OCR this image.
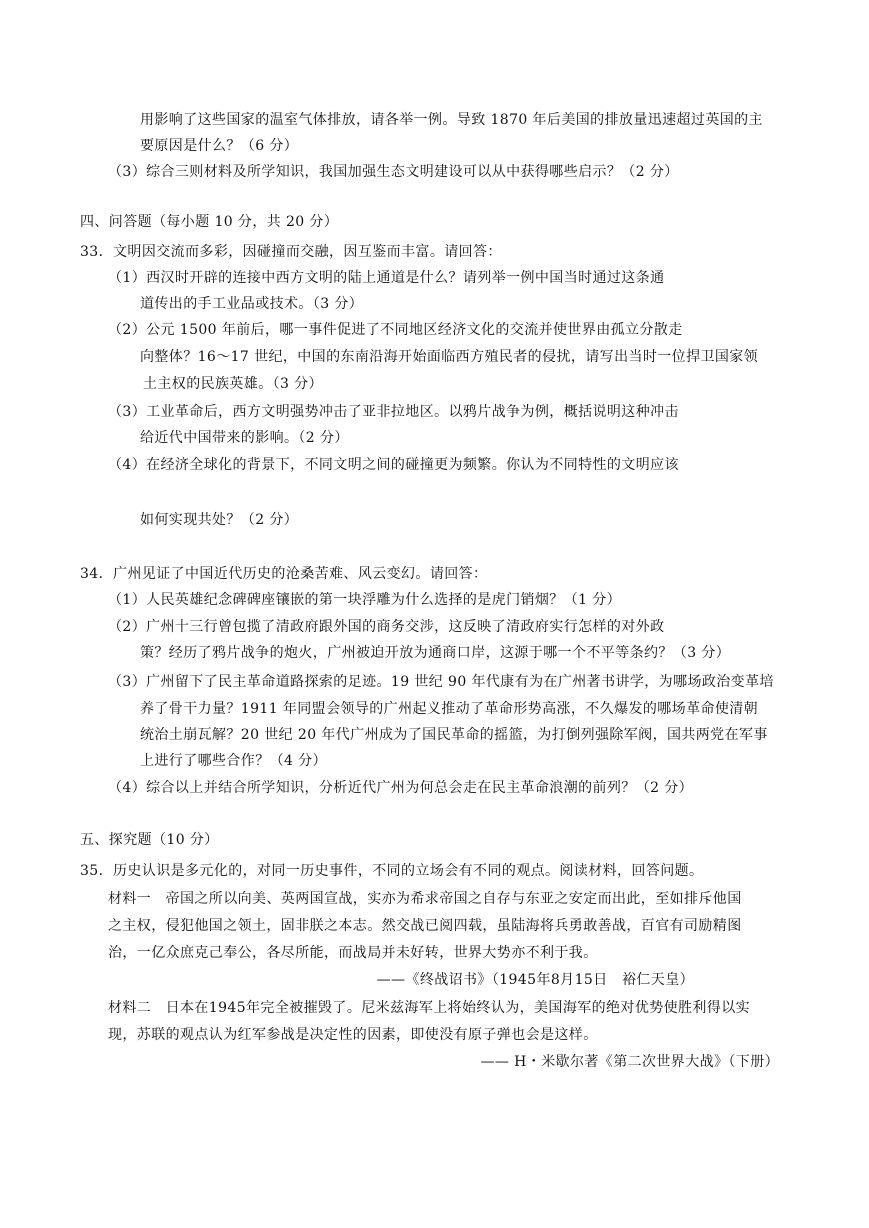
用影响了这些国家的温室气体排放，请各举一例。导致 1870 年后美国的排放量迅速超过英国的主
要原因是什么？（6 分）
（3）综合三则材料及所学知识，我国加强生态文明建设可以从中获得哪些启示？（2 分）
四、问答题（每小题 10 分，共 20 分）
33．文明因交流而多彩，因碰撞而交融，因互鉴而丰富。请回答：
（1）西汉时开辟的连接中西方文明的陆上通道是什么？请列举一例中国当时通过这条通
道传出的手工业品或技术。（3 分）
（2）公元 1500 年前后，哪一事件促进了不同地区经济文化的交流并使世界由孤立分散走
向整体？16～17 世纪，中国的东南沿海开始面临西方殖民者的侵扰，请写出当时一位捍卫国家领
土主权的民族英雄。（3 分）
（3）工业革命后，西方文明强势冲击了亚非拉地区。以鸦片战争为例，概括说明这种冲击
给近代中国带来的影响。（2 分）
（4）在经济全球化的背景下，不同文明之间的碰撞更为频繁。你认为不同特性的文明应该
如何实现共处？（2 分）
34．广州见证了中国近代历史的沧桑苦难、风云变幻。请回答：
（1）人民英雄纪念碑碑座镶嵌的第一块浮雕为什么选择的是虎门销烟？（1 分）
（2）广州十三行曾包揽了清政府跟外国的商务交涉，这反映了清政府实行怎样的对外政
策？经历了鸦片战争的炮火，广州被迫开放为通商口岸，这源于哪一个不平等条约？（3 分）
（3）广州留下了民主革命道路探索的足迹。19 世纪 90 年代康有为在广州著书讲学，为哪场政治变革培
养了骨干力量？1911 年同盟会领导的广州起义推动了革命形势高涨，不久爆发的哪场革命使清朝
统治土崩瓦解？20 世纪 20 年代广州成为了国民革命的摇篮，为打倒列强除军阀，国共两党在军事
上进行了哪些合作？（4 分）
（4）综合以上并结合所学知识，分析近代广州为何总会走在民主革命浪潮的前列？（2 分）
五、探究题（10 分）
35．历史认识是多元化的，对同一历史事件，不同的立场会有不同的观点。阅读材料，回答问题。
材料一　帝国之所以向美、英两国宣战，实亦为希求帝国之自存与东亚之安定而出此，至如排斥他国
之主权，侵犯他国之领土，固非朕之本志。然交战已阅四载，虽陆海将兵勇敢善战，百官有司励精图
治，一亿众庶克己奉公，各尽所能，而战局并未好转，世界大势亦不利于我。
——《终战诏书》（1945年8月15日　裕仁天皇）
材料二　日本在1945年完全被摧毁了。尼米兹海军上将始终认为，美国海军的绝对优势使胜利得以实
现，苏联的观点认为红军参战是决定性的因素，即使没有原子弹也会是这样。
—— H・米歇尔著《第二次世界大战》（下册）
